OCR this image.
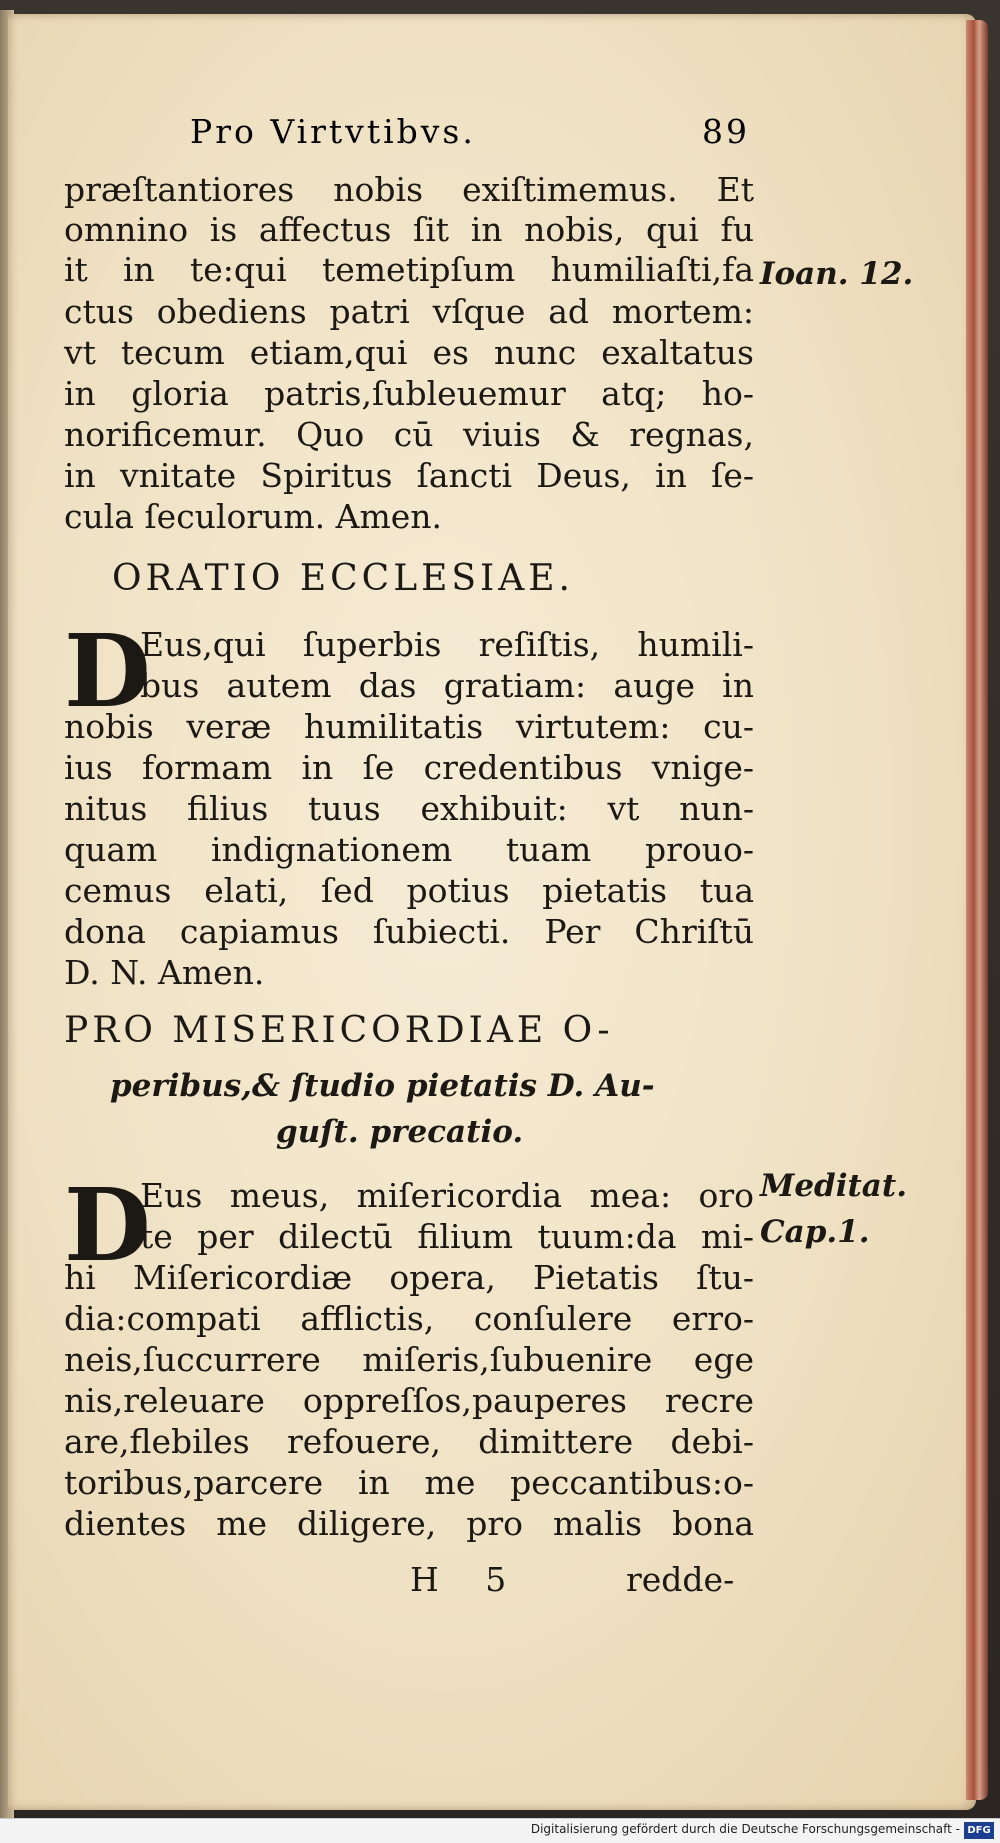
Pro Virtvtibvs.	89
præſtantiores nobis exiſtimemus. Et
omnino is affectus ſit in nobis, qui fu
it in te:qui temetipſum humiliaſti,fa
ctus obediens patri vſque ad mortem:
vt tecum etiam,qui es nunc exaltatus
in gloria patris,ſubleuemur atq; ho-
norificemur. Quo cū viuis & regnas,
in vnitate Spiritus ſancti Deus, in ſe-
cula ſeculorum. Amen.
ORATIO ECCLESIAE.
D
Eus,qui ſuperbis reſiſtis, humili-
bus autem das gratiam: auge in
nobis veræ humilitatis virtutem: cu-
ius formam in ſe credentibus vnige-
nitus filius tuus exhibuit: vt nun-
quam indignationem tuam prouo-
cemus elati, ſed potius pietatis tua
dona capiamus ſubiecti. Per Chriſtū
D. N. Amen.
PRO MISERICORDIAE O-
peribus,& ſtudio pietatis D. Au-
guſt. precatio.
D
Eus meus, miſericordia mea: oro
te per dilectū filium tuum:da mi-
hi Miſericordiæ opera, Pietatis ſtu-
dia:compati afflictis, conſulere erro-
neis,ſuccurrere miſeris,ſubuenire ege
nis,releuare oppreſſos,pauperes recre
are,flebiles refouere, dimittere debi-
toribus,parcere in me peccantibus:o-
dientes me diligere, pro malis bona
H 5	redde-
Ioan. 12.
Meditat.
Cap.1.
Digitalisierung gefördert durch die Deutsche Forschungsgemeinschaft - DFG
